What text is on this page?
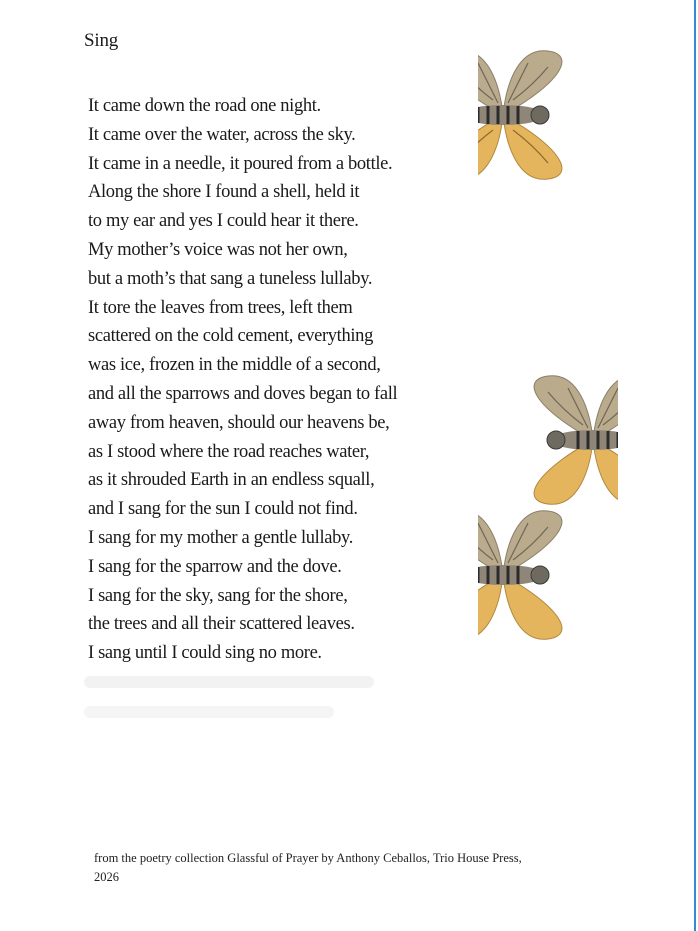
Sing
It came down the road one night.
It came over the water, across the sky.
It came in a needle, it poured from a bottle.
Along the shore I found a shell, held it
to my ear and yes I could hear it there.
My mother’s voice was not her own,
but a moth’s that sang a tuneless lullaby.
It tore the leaves from trees, left them
scattered on the cold cement, everything
was ice, frozen in the middle of a second,
and all the sparrows and doves began to fall
away from heaven, should our heavens be,
as I stood where the road reaches water,
as it shrouded Earth in an endless squall,
and I sang for the sun I could not find.
I sang for my mother a gentle lullaby.
I sang for the sparrow and the dove.
I sang for the sky, sang for the shore,
the trees and all their scattered leaves.
I sang until I could sing no more.
from the poetry collection Glassful of Prayer by Anthony Ceballos, Trio House Press, 2026
